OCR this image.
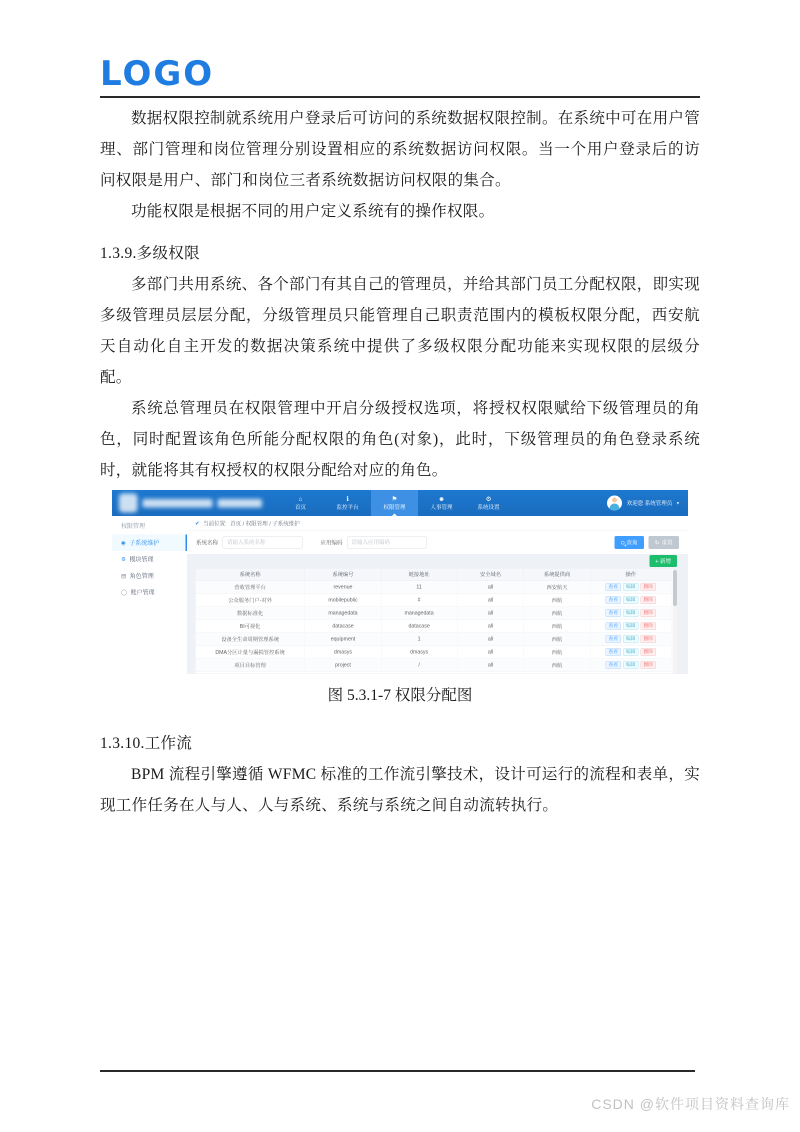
LOGO

数据权限控制就系统用户登录后可访问的系统数据权限控制。在系统中可在用户管理、部门管理和岗位管理分别设置相应的系统数据访问权限。当一个用户登录后的访问权限是用户、部门和岗位三者系统数据访问权限的集合。

功能权限是根据不同的用户定义系统有的操作权限。

1.3.9.多级权限

多部门共用系统、各个部门有其自己的管理员，并给其部门员工分配权限，即实现多级管理员层层分配，分级管理员只能管理自己职责范围内的模板权限分配，西安航天自动化自主开发的数据决策系统中提供了多级权限分配功能来实现权限的层级分配。

系统总管理员在权限管理中开启分级授权选项，将授权权限赋给下级管理员的角色，同时配置该角色所能分配权限的角色(对象)，此时，下级管理员的角色登录系统时，就能将其有权授权的权限分配给对应的角色。

⌂
首页
ℹ
监控平台
⚑
权限管理
☻
人事管理
⚙
系统设置
欢迎您 系统管理员 ▾
权限管理
◉ 子系统维护
⚙ 模块管理
▤ 角色管理
◯ 账户管理
✔ 当前位置: 首页 / 权限管理 / 子系统维护
系统名称
请输入系统名称	应用编码
请输入应用编码	查询 ↻ 重置
+ 新增
系统名称	系统编号	链接地址	安全域名	系统提供商	操作
营收管理平台	revenue	11	all	西安航天	查看 编辑 删除
公众服务门户-对外	mobilepublic	#	all	西航	查看 编辑 删除
数据标准化	managedata	managedata	all	西航	查看 编辑 删除
BI可视化	datacase	datacase	all	西航	查看 编辑 删除
设备全生命周期管理系统	equipment	1	all	西航	查看 编辑 删除
DMA分区计量与漏损管控系统	dmasys	dmasys	all	西航	查看 编辑 删除
项目目标管理	project	/	all	西航	查看 编辑 删除
图 5.3.1-7 权限分配图
1.3.10.工作流

BPM 流程引擎遵循 WFMC 标准的工作流引擎技术，设计可运行的流程和表单，实现工作任务在人与人、人与系统、系统与系统之间自动流转执行。

CSDN @软件项目资料查询库
